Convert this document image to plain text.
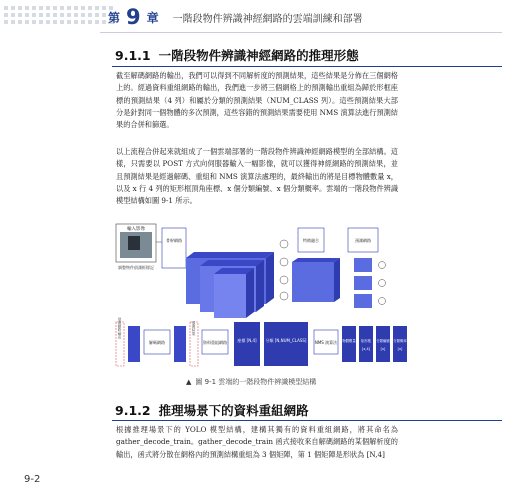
第 9 章 一階段物件辨識神經網路的雲端訓練和部署
9.1.1 一階段物件辨識神經網路的推理形態

截至解碼網路的輸出，我們可以得到不同解析度的預測結果，這些結果是分佈在三個網格上的。經過資料重組網路的輸出，我們進一步將三個網格上的預測輸出重組為歸於形框座標的預測結果（4 列）和屬於分類的預測結果（NUM_CLASS 列）。這些預測結果大部分是針對同一個物體的多次預測，這些容錯的預測結果需要使用 NMS 演算法進行預測結果的合併和篩選。

以上流程合併起來就組成了一個雲端部署的一階段物件辨識神經網路模型的全部結構。這樣，只需要以 POST 方式向伺服器輸入一幅影像，就可以獲得神經網路的預測結果，並且預測結果是經過解碼、重組和 NMS 演算法處理的，最終輸出的將是目標物體數量 x，以及 x 行 4 列的矩形框頂角座標、x 個分類編號、x 個分類概率。雲端的一階段物件辨識模型結構如圖 9-1 所示。

輸入影像
調整物件偵測框標記
骨幹網路	特徵融合	預測網路
預測網路輸出
解碼網路
預測結果
資料重組網路	座標 [N,4] 分類 [N,NUM_CLASS] NMS 演算法 物體數量 矩形框
[x,4]
分類編號
[x]
分類概率
[x]
▲ 圖 9-1 雲端的一階段物件辨識模型結構
9.1.2 推理場景下的資料重組網路

根據推理場景下的 YOLO 模型結構，建構其獨有的資料重組網路，將其命名為 gather_decode_train。gather_decode_train 函式接收來自解碼網路的某個解析度的輸出，函式將分散在網格內的預測結構重組為 3 個矩陣，第 1 個矩陣是形狀為 [N,4]

9-2
